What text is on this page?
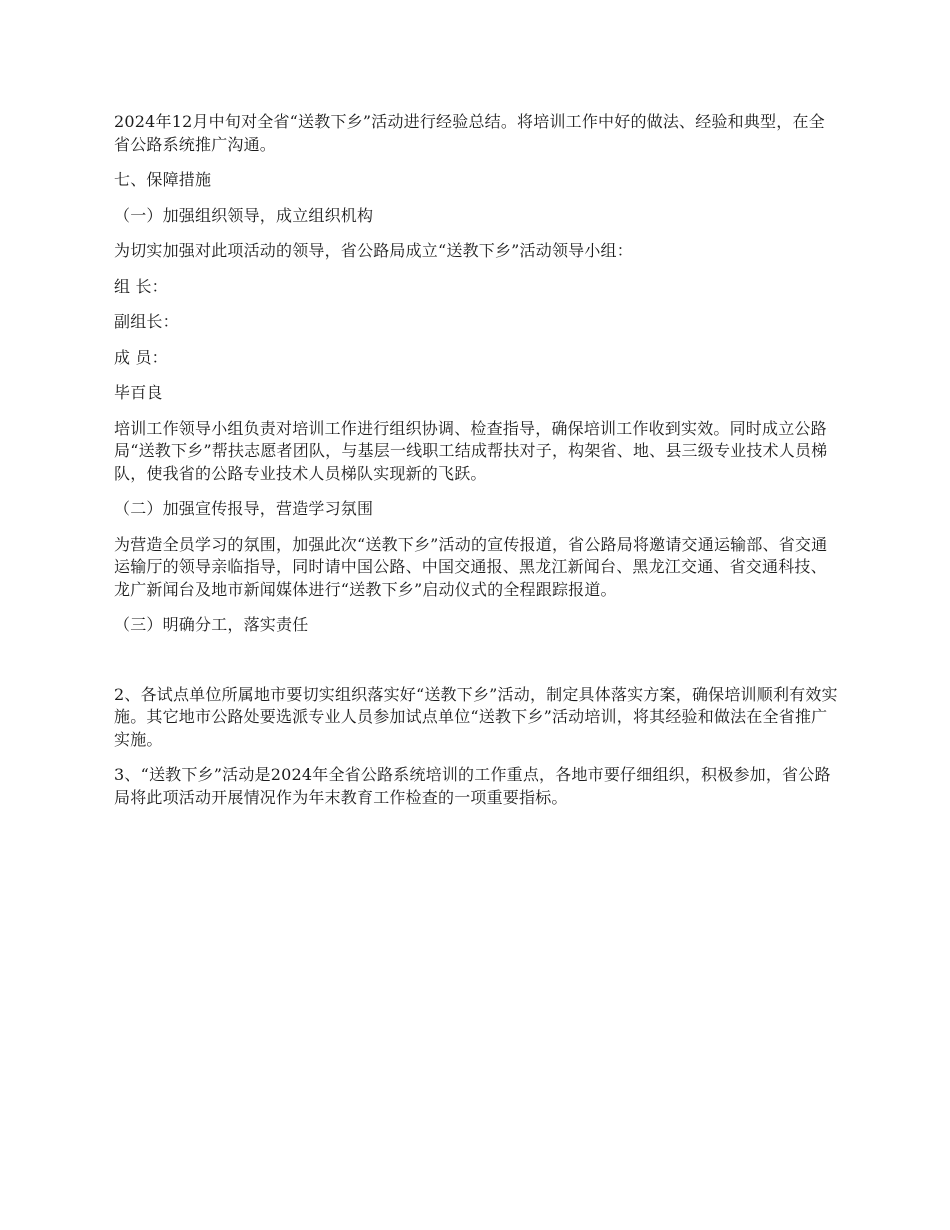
2024年12月中旬对全省“送教下乡”活动进行经验总结。将培训工作中好的做法、经验和典型，在全省公路系统推广沟通。

七、保障措施

（一）加强组织领导，成立组织机构

为切实加强对此项活动的领导，省公路局成立“送教下乡”活动领导小组：

组 长：

副组长：

成 员：

毕百良

培训工作领导小组负责对培训工作进行组织协调、检查指导，确保培训工作收到实效。同时成立公路局“送教下乡”帮扶志愿者团队，与基层一线职工结成帮扶对子，构架省、地、县三级专业技术人员梯队，使我省的公路专业技术人员梯队实现新的飞跃。

（二）加强宣传报导，营造学习氛围

为营造全员学习的氛围，加强此次“送教下乡”活动的宣传报道，省公路局将邀请交通运输部、省交通运输厅的领导亲临指导，同时请中国公路、中国交通报、黑龙江新闻台、黑龙江交通、省交通科技、龙广新闻台及地市新闻媒体进行“送教下乡”启动仪式的全程跟踪报道。

（三）明确分工，落实责任

2、各试点单位所属地市要切实组织落实好“送教下乡”活动，制定具体落实方案，确保培训顺利有效实施。其它地市公路处要选派专业人员参加试点单位“送教下乡”活动培训，将其经验和做法在全省推广实施。

3、“送教下乡”活动是2024年全省公路系统培训的工作重点，各地市要仔细组织，积极参加，省公路局将此项活动开展情况作为年末教育工作检查的一项重要指标。
